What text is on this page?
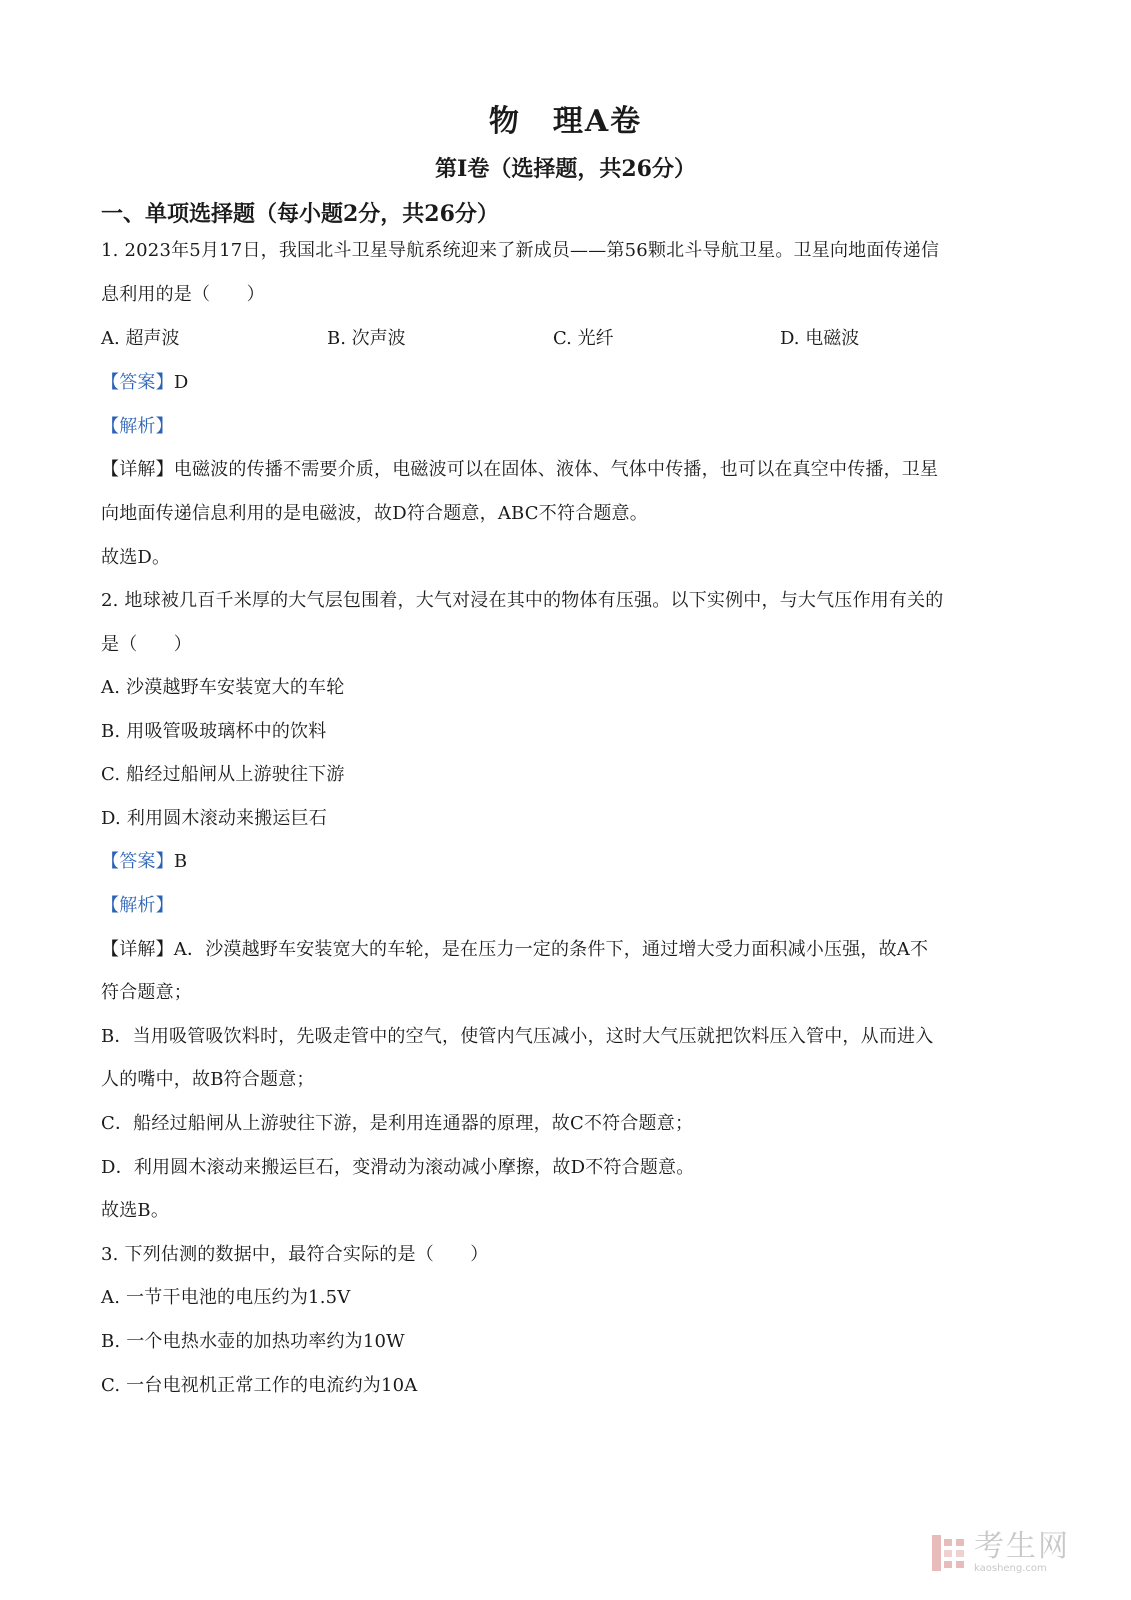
物　理A卷
第Ⅰ卷（选择题，共26分）
一、单项选择题（每小题2分，共26分）
1. 2023年5月17日，我国北斗卫星导航系统迎来了新成员——第56颗北斗导航卫星。卫星向地面传递信
息利用的是（　　）
A. 超声波	B. 次声波	C. 光纤	D. 电磁波
【答案】D
【解析】
【详解】电磁波的传播不需要介质，电磁波可以在固体、液体、气体中传播，也可以在真空中传播，卫星
向地面传递信息利用的是电磁波，故D符合题意，ABC不符合题意。
故选D。
2. 地球被几百千米厚的大气层包围着，大气对浸在其中的物体有压强。以下实例中，与大气压作用有关的
是（　　）
A. 沙漠越野车安装宽大的车轮
B. 用吸管吸玻璃杯中的饮料
C. 船经过船闸从上游驶往下游
D. 利用圆木滚动来搬运巨石
【答案】B
【解析】
【详解】A．沙漠越野车安装宽大的车轮，是在压力一定的条件下，通过增大受力面积减小压强，故A不
符合题意；
B．当用吸管吸饮料时，先吸走管中的空气，使管内气压减小，这时大气压就把饮料压入管中，从而进入
人的嘴中，故B符合题意；
C．船经过船闸从上游驶往下游，是利用连通器的原理，故C不符合题意；
D．利用圆木滚动来搬运巨石，变滑动为滚动减小摩擦，故D不符合题意。
故选B。
3. 下列估测的数据中，最符合实际的是（　　）
A. 一节干电池的电压约为1.5V
B. 一个电热水壶的加热功率约为10W
C. 一台电视机正常工作的电流约为10A
考生网
kaosheng.com
